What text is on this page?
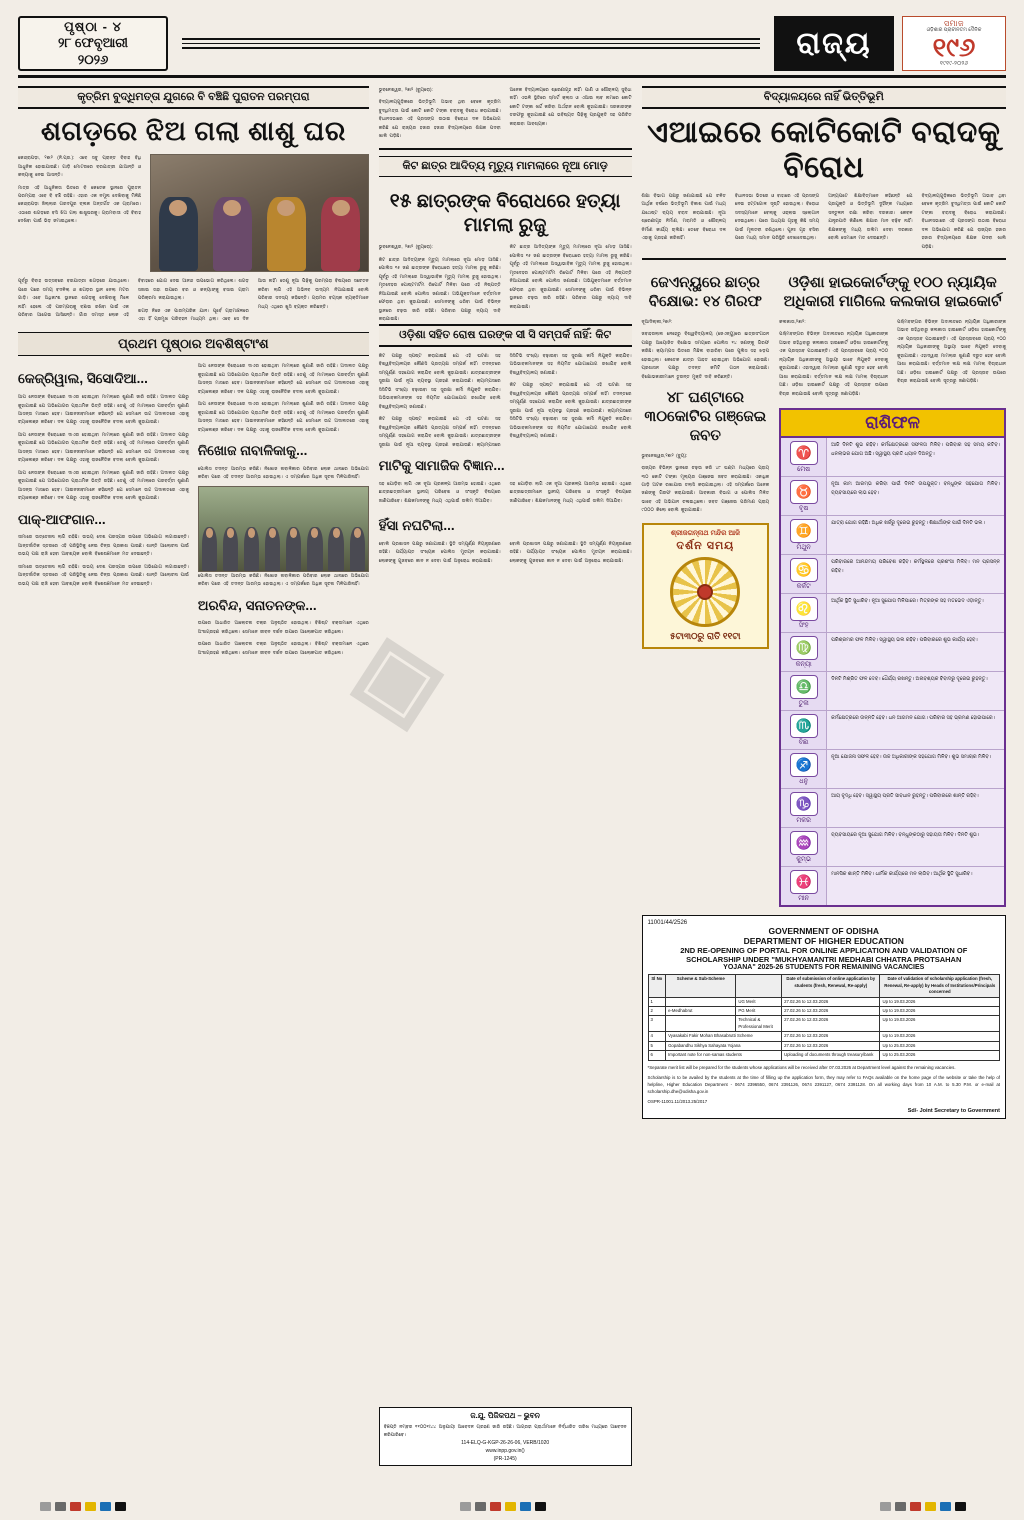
ପୃଷ୍ଠା - ୪
୨୮ ଫେବୃଆରୀ
୨୦୨୬	ରାଜ୍ୟ
ସମାଜ
ଓଡ଼ିଶାର ପ୍ରାଚୀନତମ ଦୈନିକ
୧୯୬
୧୯୧୯-୨୦୨୬
କୃତ୍ରିମ ବୁଦ୍ଧିମତ୍ତା ଯୁଗରେ ବି ବଞ୍ଚିଛି ପୁରାତନ ପରମ୍ପରା
ଶଗଡ଼ରେ ଝିଅ ଗଲା ଶାଶୁ ଘର

କେନ୍ଦ୍ରାପଡ଼ା, ୨୭ା୨ (ନି.ପ୍ର.): ଏବେ ସବୁ ପ୍ରାନ୍ତ ବିବାହ ବିଧି ଆଧୁନିକ ହୋଇଯାଇଛି। ଗାଡ଼ି ମୋଟରରେ ବରଯାତ୍ରୀ ଯାଆନ୍ତି ଓ କନ୍ୟାକୁ ନେଇ ଆସନ୍ତି।

ମାତ୍ର ଏହି ଆଧୁନିକତା ଭିତରେ ବି କେତେକ ସ୍ଥାନରେ ପୁରାତନ ପରମ୍ପରା ଏବେ ବି ବଞ୍ଚି ରହିଛି। ଏହାର ଏକ ନମୁନା ଦେଖିବାକୁ ମିଳିଛି କେନ୍ଦ୍ରାପଡ଼ା ଜିଲ୍ଲାର ଗରଦପୁର ବ୍ଲକ ଅନ୍ତର୍ଗତ ଏକ ଗ୍ରାମରେ। ଏଠାରେ ଶଗଡ଼ରେ ବସି ଝିଅ ଗଲା ଶାଶୁଘରକୁ। ଗ୍ରାମବାସୀ ଏହି ବିବାହ ଦେଖିବା ପାଇଁ ଭିଡ଼ ଜମାଇଥିଲେ।

ପୂର୍ବରୁ ବିବାହ ଉତ୍ସବରେ ବରଯାତ୍ରୀ ଶଗଡ଼ରେ ଯାଉଥିଲେ। ପରେ ପରେ ସମୟ ବଦଳିଲା ଓ ଶଗଡ଼ର ସ୍ଥାନ ନେଲା ମଟର ଗାଡ଼ି। ଏବେ ଅଧିକାଂଶ ସ୍ଥାନରେ ଶଗଡ଼କୁ ଦେଖିବାକୁ ମିଳେ ନାହିଁ। ହେଲେ ଏହି ପରମ୍ପରାକୁ ବଞ୍ଚାଇ ରଖିବା ପାଇଁ ଏକ ପରିବାର ଆଗେଇ ଆସିଛନ୍ତି। ଗାଁର ସମସ୍ତ ଲୋକ ଏହି ବିବାହରେ ଯୋଗ ଦେଇ ଆନନ୍ଦ ଉପଭୋଗ କରିଥିଲେ। ଶଗଡ଼ ସଜାଇ ତାହା ଉପରେ ବର ଓ କନ୍ୟାଙ୍କୁ ବସାଇ ଗ୍ରାମ ପରିକ୍ରମା କରାଯାଇଥିଲା।

ଶଗଡ଼ ନିଜେ ଏକ ପାରମ୍ପରିକ ଯାନ। ପୂର୍ବେ ଗ୍ରାମାଞ୍ଚଳରେ ଏହା ହିଁ ପ୍ରମୁଖ ପରିବହନ ମାଧ୍ୟମ ଥିଲା। ଏବେ ସେ ଦିନ ଆଉ ନାହିଁ। ତେଣୁ ନୂଆ ପିଢ଼ିକୁ ପରମ୍ପରା ବିଷୟରେ ସଚେତନ କରିବା ଲାଗି ଏହି ଅଭିନବ ଉଦ୍ୟମ ନିଆଯାଇଛି ବୋଲି ପରିବାର ସଦସ୍ୟ କହିଛନ୍ତି। ଗ୍ରାମର ବୟସ୍କ ବ୍ୟକ୍ତିମାନେ ମଧ୍ୟ ଏଥିରେ ଖୁସି ବ୍ୟକ୍ତ କରିଛନ୍ତି।

ପ୍ରଥମ ପୃଷ୍ଠାର ଅବଶିଷ୍ଟାଂଶ
କେଜ୍ରିୱାଲ, ସିସୋଦିଆ...

ଆପ ନେତାଙ୍କ ବିରୋଧରେ ଦାଏର ହୋଇଥିବା ମାମଲାରେ ଶୁଣାଣି ଜାରି ରହିଛି। ଅଦାଲତ ପକ୍ଷରୁ କୁହାଯାଇଛି ଯେ ଅଭିଯୋଗର ପ୍ରାଥମିକ ଭିତ୍ତି ରହିଛି। ତେଣୁ ଏହି ମାମଲାରେ ପରବର୍ତ୍ତୀ ଶୁଣାଣି ଆସନ୍ତା ମାସରେ ହେବ। ଆଇନଜୀବୀମାନେ କହିଛନ୍ତି ଯେ ସେମାନେ ଉଚ୍ଚ ଅଦାଲତରେ ଏହାକୁ ଚ୍ୟାଲେଞ୍ଜ କରିବେ। ଦଳ ପକ୍ଷରୁ ଏହାକୁ ରାଜନୈତିକ ବଦଲା ବୋଲି କୁହାଯାଇଛି।

ଆପ ନେତାଙ୍କ ବିରୋଧରେ ଦାଏର ହୋଇଥିବା ମାମଲାରେ ଶୁଣାଣି ଜାରି ରହିଛି। ଅଦାଲତ ପକ୍ଷରୁ କୁହାଯାଇଛି ଯେ ଅଭିଯୋଗର ପ୍ରାଥମିକ ଭିତ୍ତି ରହିଛି। ତେଣୁ ଏହି ମାମଲାରେ ପରବର୍ତ୍ତୀ ଶୁଣାଣି ଆସନ୍ତା ମାସରେ ହେବ। ଆଇନଜୀବୀମାନେ କହିଛନ୍ତି ଯେ ସେମାନେ ଉଚ୍ଚ ଅଦାଲତରେ ଏହାକୁ ଚ୍ୟାଲେଞ୍ଜ କରିବେ। ଦଳ ପକ୍ଷରୁ ଏହାକୁ ରାଜନୈତିକ ବଦଲା ବୋଲି କୁହାଯାଇଛି।

ଆପ ନେତାଙ୍କ ବିରୋଧରେ ଦାଏର ହୋଇଥିବା ମାମଲାରେ ଶୁଣାଣି ଜାରି ରହିଛି। ଅଦାଲତ ପକ୍ଷରୁ କୁହାଯାଇଛି ଯେ ଅଭିଯୋଗର ପ୍ରାଥମିକ ଭିତ୍ତି ରହିଛି। ତେଣୁ ଏହି ମାମଲାରେ ପରବର୍ତ୍ତୀ ଶୁଣାଣି ଆସନ୍ତା ମାସରେ ହେବ। ଆଇନଜୀବୀମାନେ କହିଛନ୍ତି ଯେ ସେମାନେ ଉଚ୍ଚ ଅଦାଲତରେ ଏହାକୁ ଚ୍ୟାଲେଞ୍ଜ କରିବେ। ଦଳ ପକ୍ଷରୁ ଏହାକୁ ରାଜନୈତିକ ବଦଲା ବୋଲି କୁହାଯାଇଛି।

ପାକ୍‌-ଆଫଗାନ...

ସୀମାରେ ଉତ୍ତେଜନା ଲାଗି ରହିଛି। ଉଭୟ ଦେଶ ପରସ୍ପର ଉପରେ ଅଭିଯୋଗ ଲଗାଉଛନ୍ତି। ଆନ୍ତର୍ଜାତିକ ସ୍ତରରେ ଏହି ପରିସ୍ଥିତିକୁ ନେଇ ଚିନ୍ତା ପ୍ରକାଶ ପାଇଛି। ଶାନ୍ତି ଆଲୋଚନା ପାଇଁ ଉଭୟ ପକ୍ଷ ରାଜି ହେବା ଆବଶ୍ୟକ ବୋଲି ବିଶେଷଜ୍ଞମାନେ ମତ ଦେଇଛନ୍ତି।

ସୀମାରେ ଉତ୍ତେଜନା ଲାଗି ରହିଛି। ଉଭୟ ଦେଶ ପରସ୍ପର ଉପରେ ଅଭିଯୋଗ ଲଗାଉଛନ୍ତି। ଆନ୍ତର୍ଜାତିକ ସ୍ତରରେ ଏହି ପରିସ୍ଥିତିକୁ ନେଇ ଚିନ୍ତା ପ୍ରକାଶ ପାଇଛି। ଶାନ୍ତି ଆଲୋଚନା ପାଇଁ ଉଭୟ ପକ୍ଷ ରାଜି ହେବା ଆବଶ୍ୟକ ବୋଲି ବିଶେଷଜ୍ଞମାନେ ମତ ଦେଇଛନ୍ତି।

ଆପ ନେତାଙ୍କ ବିରୋଧରେ ଦାଏର ହୋଇଥିବା ମାମଲାରେ ଶୁଣାଣି ଜାରି ରହିଛି। ଅଦାଲତ ପକ୍ଷରୁ କୁହାଯାଇଛି ଯେ ଅଭିଯୋଗର ପ୍ରାଥମିକ ଭିତ୍ତି ରହିଛି। ତେଣୁ ଏହି ମାମଲାରେ ପରବର୍ତ୍ତୀ ଶୁଣାଣି ଆସନ୍ତା ମାସରେ ହେବ। ଆଇନଜୀବୀମାନେ କହିଛନ୍ତି ଯେ ସେମାନେ ଉଚ୍ଚ ଅଦାଲତରେ ଏହାକୁ ଚ୍ୟାଲେଞ୍ଜ କରିବେ। ଦଳ ପକ୍ଷରୁ ଏହାକୁ ରାଜନୈତିକ ବଦଲା ବୋଲି କୁହାଯାଇଛି।

ଆପ ନେତାଙ୍କ ବିରୋଧରେ ଦାଏର ହୋଇଥିବା ମାମଲାରେ ଶୁଣାଣି ଜାରି ରହିଛି। ଅଦାଲତ ପକ୍ଷରୁ କୁହାଯାଇଛି ଯେ ଅଭିଯୋଗର ପ୍ରାଥମିକ ଭିତ୍ତି ରହିଛି। ତେଣୁ ଏହି ମାମଲାରେ ପରବର୍ତ୍ତୀ ଶୁଣାଣି ଆସନ୍ତା ମାସରେ ହେବ। ଆଇନଜୀବୀମାନେ କହିଛନ୍ତି ଯେ ସେମାନେ ଉଚ୍ଚ ଅଦାଲତରେ ଏହାକୁ ଚ୍ୟାଲେଞ୍ଜ କରିବେ। ଦଳ ପକ୍ଷରୁ ଏହାକୁ ରାଜନୈତିକ ବଦଲା ବୋଲି କୁହାଯାଇଛି।

ନିଖୋଜ ନାବାଳିକାକୁ...

ପୋଲିସ ତଦନ୍ତ ଆରମ୍ଭ କରିଛି। ନିଖୋଜ ନାବାଳିକାର ପରିବାର ଲୋକ ଥାନାରେ ଅଭିଯୋଗ କରିବା ପରେ ଏହି ତଦନ୍ତ ଆରମ୍ଭ ହୋଇଥିଲା। ଏ ସମ୍ପର୍କରେ ଅଧିକ ସୂଚନା ମିଳିପାରିନାହିଁ।

ପୋଲିସ ତଦନ୍ତ ଆରମ୍ଭ କରିଛି। ନିଖୋଜ ନାବାଳିକାର ପରିବାର ଲୋକ ଥାନାରେ ଅଭିଯୋଗ କରିବା ପରେ ଏହି ତଦନ୍ତ ଆରମ୍ଭ ହୋଇଥିଲା। ଏ ସମ୍ପର୍କରେ ଅଧିକ ସୂଚନା ମିଳିପାରିନାହିଁ।

ଅରବିନ୍ଦ, ସନାତନଙ୍କ...

ଉପରେ ଆଧାରିତ ଆଲୋଚନା ଚକ୍ର ଅନୁଷ୍ଠିତ ହୋଇଥିଲା। ବିଶିଷ୍ଟ ବକ୍ତାମାନେ ଏଥିରେ ଅଂଶଗ୍ରହଣ କରିଥିଲେ। ସେମାନେ ଜୀବନ ଦର୍ଶନ ଉପରେ ଆଲୋକପାତ କରିଥିଲେ।

ଉପରେ ଆଧାରିତ ଆଲୋଚନା ଚକ୍ର ଅନୁଷ୍ଠିତ ହୋଇଥିଲା। ବିଶିଷ୍ଟ ବକ୍ତାମାନେ ଏଥିରେ ଅଂଶଗ୍ରହଣ କରିଥିଲେ। ସେମାନେ ଜୀବନ ଦର୍ଶନ ଉପରେ ଆଲୋକପାତ କରିଥିଲେ।

ଭୁବନେଶ୍ୱର, ୨୭ା୨ (ବ୍ୟୁରୋ):

ବିଦ୍ୟାଳୟଗୁଡ଼ିକରେ ଭିତ୍ତିଭୂମି ଅଭାବ ଥିବା ବେଳେ କୃତ୍ରିମ ବୁଦ୍ଧିମତ୍ତା ପାଇଁ କୋଟି କୋଟି ଟଙ୍କା ବରାଦକୁ ବିରୋଧ କରାଯାଇଛି। ବିଧାନସଭାରେ ଏହି ପ୍ରସଙ୍ଗ ଉଠାଇ ବିରୋଧୀ ଦଳ ଅଭିଯୋଗ କରିଛି ଯେ ରାଜ୍ୟର ହଜାର ହଜାର ବିଦ୍ୟାଳୟରେ ଶିକ୍ଷକ ପଦବୀ ଖାଲି ପଡ଼ିଛି।

ଅନେକ ବିଦ୍ୟାଳୟରେ ଶ୍ରେଣୀଗୃହ ନାହିଁ। ପାଣି ଓ ଶୌଚାଳୟ ସୁବିଧା ନାହିଁ। ଏଭଳି ସ୍ଥିତିରେ ସ୍ମାର୍ଟ କ୍ଲାସ ଓ ଏଆଇ ଲାବ ନାମରେ କୋଟି କୋଟି ଟଙ୍କା ଖର୍ଚ୍ଚ କରିବା ଅର୍ଥହୀନ ବୋଲି କୁହାଯାଇଛି। ସରକାରଙ୍କ ତରଫରୁ କୁହାଯାଇଛି ଯେ ଭବିଷ୍ୟତ ପିଢ଼ିକୁ ପ୍ରଯୁକ୍ତି ସହ ପରିଚିତ କରାଇବା ଆବଶ୍ୟକ।

କିଟ ଛାତ୍ର ଆଦିତ୍ୟ ମୃତ୍ୟୁ ମାମଲାରେ ନୂଆ ମୋଡ଼
୧୫ ଛାତ୍ରଙ୍କ ବିରୋଧରେ ହତ୍ୟା ମାମଲା ରୁଜୁ

ଭୁବନେଶ୍ୱର, ୨୭ା୨ (ବ୍ୟୁରୋ):

କିଟ ଛାତ୍ର ଆଦିତ୍ୟଙ୍କ ମୃତ୍ୟୁ ମାମଲାରେ ନୂଆ ମୋଡ଼ ଆସିଛି। ପୋଲିସ ୧୫ ଜଣ ଛାତ୍ରଙ୍କ ବିରୋଧରେ ହତ୍ୟା ମାମଲା ରୁଜୁ କରିଛି। ପୂର୍ବରୁ ଏହି ମାମଲାରେ ଅସ୍ୱାଭାବିକ ମୃତ୍ୟୁ ମାମଲା ରୁଜୁ ହୋଇଥିଲା। ମୃତଦେହର ପୋଷ୍ଟମର୍ଟମ ରିପୋର୍ଟ ମିଳିବା ପରେ ଏହି ନିଷ୍ପତ୍ତି ନିଆଯାଇଛି ବୋଲି ପୋଲିସ ଜଣାଇଛି। ଅଭିଯୁକ୍ତମାନେ ବର୍ତ୍ତମାନ ଫେରାର ଥିବା କୁହାଯାଇଛି। ସେମାନଙ୍କୁ ଧରିବା ପାଇଁ ବିଭିନ୍ନ ସ୍ଥାନରେ ଚଢ଼ଉ ଜାରି ରହିଛି। ପରିବାର ପକ୍ଷରୁ ନ୍ୟାୟ ଦାବି କରାଯାଇଛି।

କିଟ ଛାତ୍ର ଆଦିତ୍ୟଙ୍କ ମୃତ୍ୟୁ ମାମଲାରେ ନୂଆ ମୋଡ଼ ଆସିଛି। ପୋଲିସ ୧୫ ଜଣ ଛାତ୍ରଙ୍କ ବିରୋଧରେ ହତ୍ୟା ମାମଲା ରୁଜୁ କରିଛି। ପୂର୍ବରୁ ଏହି ମାମଲାରେ ଅସ୍ୱାଭାବିକ ମୃତ୍ୟୁ ମାମଲା ରୁଜୁ ହୋଇଥିଲା। ମୃତଦେହର ପୋଷ୍ଟମର୍ଟମ ରିପୋର୍ଟ ମିଳିବା ପରେ ଏହି ନିଷ୍ପତ୍ତି ନିଆଯାଇଛି ବୋଲି ପୋଲିସ ଜଣାଇଛି। ଅଭିଯୁକ୍ତମାନେ ବର୍ତ୍ତମାନ ଫେରାର ଥିବା କୁହାଯାଇଛି। ସେମାନଙ୍କୁ ଧରିବା ପାଇଁ ବିଭିନ୍ନ ସ୍ଥାନରେ ଚଢ଼ଉ ଜାରି ରହିଛି। ପରିବାର ପକ୍ଷରୁ ନ୍ୟାୟ ଦାବି କରାଯାଇଛି।

ଓଡ଼ିଶା ସହିତ ରୋଷ ଘରଙ୍କ ସୀ ସି ସମ୍ପର୍କ ନାହିଁ: କିଟ

କିଟ ପକ୍ଷରୁ ସ୍ପଷ୍ଟ କରାଯାଇଛି ଯେ ଏହି ଘଟଣା ସହ ବିଶ୍ୱବିଦ୍ୟାଳୟର କୌଣସି ପ୍ରତ୍ୟକ୍ଷ ସମ୍ପର୍କ ନାହିଁ। ତଦନ୍ତରେ ସମ୍ପୂର୍ଣ୍ଣ ସହଯୋଗ କରାଯିବ ବୋଲି କୁହାଯାଇଛି। ଛାତ୍ରଛାତ୍ରୀଙ୍କ ସୁରକ୍ଷା ପାଇଁ ନୂଆ ବ୍ୟବସ୍ଥା ଗ୍ରହଣ କରାଯାଉଛି। କ୍ୟାମ୍ପସରେ ସିସିଟିଭି ସଂଖ୍ୟା ବଢ଼ାଇବା ସହ ସୁରକ୍ଷା କର୍ମୀ ନିଯୁକ୍ତି କରାଯିବ। ଅଭିଭାବକମାନଙ୍କ ସହ ନିୟମିତ ଯୋଗାଯୋଗ ରଖାଯିବ ବୋଲି ବିଶ୍ୱବିଦ୍ୟାଳୟ ଜଣାଇଛି।

କିଟ ପକ୍ଷରୁ ସ୍ପଷ୍ଟ କରାଯାଇଛି ଯେ ଏହି ଘଟଣା ସହ ବିଶ୍ୱବିଦ୍ୟାଳୟର କୌଣସି ପ୍ରତ୍ୟକ୍ଷ ସମ୍ପର୍କ ନାହିଁ। ତଦନ୍ତରେ ସମ୍ପୂର୍ଣ୍ଣ ସହଯୋଗ କରାଯିବ ବୋଲି କୁହାଯାଇଛି। ଛାତ୍ରଛାତ୍ରୀଙ୍କ ସୁରକ୍ଷା ପାଇଁ ନୂଆ ବ୍ୟବସ୍ଥା ଗ୍ରହଣ କରାଯାଉଛି। କ୍ୟାମ୍ପସରେ ସିସିଟିଭି ସଂଖ୍ୟା ବଢ଼ାଇବା ସହ ସୁରକ୍ଷା କର୍ମୀ ନିଯୁକ୍ତି କରାଯିବ। ଅଭିଭାବକମାନଙ୍କ ସହ ନିୟମିତ ଯୋଗାଯୋଗ ରଖାଯିବ ବୋଲି ବିଶ୍ୱବିଦ୍ୟାଳୟ ଜଣାଇଛି।

କିଟ ପକ୍ଷରୁ ସ୍ପଷ୍ଟ କରାଯାଇଛି ଯେ ଏହି ଘଟଣା ସହ ବିଶ୍ୱବିଦ୍ୟାଳୟର କୌଣସି ପ୍ରତ୍ୟକ୍ଷ ସମ୍ପର୍କ ନାହିଁ। ତଦନ୍ତରେ ସମ୍ପୂର୍ଣ୍ଣ ସହଯୋଗ କରାଯିବ ବୋଲି କୁହାଯାଇଛି। ଛାତ୍ରଛାତ୍ରୀଙ୍କ ସୁରକ୍ଷା ପାଇଁ ନୂଆ ବ୍ୟବସ୍ଥା ଗ୍ରହଣ କରାଯାଉଛି। କ୍ୟାମ୍ପସରେ ସିସିଟିଭି ସଂଖ୍ୟା ବଢ଼ାଇବା ସହ ସୁରକ୍ଷା କର୍ମୀ ନିଯୁକ୍ତି କରାଯିବ। ଅଭିଭାବକମାନଙ୍କ ସହ ନିୟମିତ ଯୋଗାଯୋଗ ରଖାଯିବ ବୋଲି ବିଶ୍ୱବିଦ୍ୟାଳୟ ଜଣାଇଛି।

ମାଟିକୁ ସାମାଜିକ ବିଜ୍ଞାନ...

ସହ ଯୋଡ଼ିବା ଲାଗି ଏକ ନୂଆ ପ୍ରକଳ୍ପ ଆରମ୍ଭ ହୋଇଛି। ଏଥିରେ ଛାତ୍ରଛାତ୍ରୀମାନେ ସ୍ଥାନୀୟ ପରିବେଶ ଓ ସଂସ୍କୃତି ବିଷୟରେ ଜାଣିପାରିବେ। ଶିକ୍ଷକମାନଙ୍କୁ ମଧ୍ୟ ଏଥିପାଇଁ ତାଲିମ ଦିଆଯିବ।

ସହ ଯୋଡ଼ିବା ଲାଗି ଏକ ନୂଆ ପ୍ରକଳ୍ପ ଆରମ୍ଭ ହୋଇଛି। ଏଥିରେ ଛାତ୍ରଛାତ୍ରୀମାନେ ସ୍ଥାନୀୟ ପରିବେଶ ଓ ସଂସ୍କୃତି ବିଷୟରେ ଜାଣିପାରିବେ। ଶିକ୍ଷକମାନଙ୍କୁ ମଧ୍ୟ ଏଥିପାଇଁ ତାଲିମ ଦିଆଯିବ।

ହିଁସା ନଘଟିଲା...

ବୋଲି ପ୍ରଶାସନ ପକ୍ଷରୁ ଜଣାଯାଇଛି। ସ୍ଥିତି ସମ୍ପୂର୍ଣ୍ଣ ନିୟନ୍ତ୍ରଣରେ ରହିଛି। ପର୍ଯ୍ୟାପ୍ତ ସଂଖ୍ୟକ ପୋଲିସ ମୁତୟନ କରାଯାଇଛି। ଲୋକଙ୍କୁ ଗୁଜବରେ କାନ ନ ଦେବା ପାଇଁ ଅନୁରୋଧ କରାଯାଇଛି।

ବୋଲି ପ୍ରଶାସନ ପକ୍ଷରୁ ଜଣାଯାଇଛି। ସ୍ଥିତି ସମ୍ପୂର୍ଣ୍ଣ ନିୟନ୍ତ୍ରଣରେ ରହିଛି। ପର୍ଯ୍ୟାପ୍ତ ସଂଖ୍ୟକ ପୋଲିସ ମୁତୟନ କରାଯାଇଛି। ଲୋକଙ୍କୁ ଗୁଜବରେ କାନ ନ ଦେବା ପାଇଁ ଅନୁରୋଧ କରାଯାଇଛି।

ଜ.ଯୁ. ପିଜିକପଥ – ଭୁବନ
ବିଜ୍ଞପ୍ତି ନମ୍ବର ୧୧୦୦୧/୪୪ ଅନୁଯାୟୀ ଆବେଦନ ଗ୍ରହଣ ଜାରି ରହିଛି। ଆଗ୍ରହୀ ପ୍ରାର୍ଥୀମାନେ ନିର୍ଦ୍ଧାରିତ ତାରିଖ ମଧ୍ୟରେ ଆବେଦନ କରିପାରିବେ।
114-ELQ-G-KGP-26-26-06, VERB/1020
www.inpp.gov.in()
(PR-1245)
ବିଦ୍ୟାଳୟରେ ନାହିଁ ଭିତ୍ତିଭୂମି
ଏଆଇରେ କୋଟିକୋଟି ବରାଦକୁ ବିରୋଧ

ଶିକ୍ଷା ବିଭାଗ ପକ୍ଷରୁ ଜଣାଯାଇଛି ଯେ ଚଳିତ ଆର୍ଥିକ ବର୍ଷରେ ଭିତ୍ତିଭୂମି ବିକାଶ ପାଇଁ ମଧ୍ୟ ଯଥେଷ୍ଟ ବ୍ୟୟ ବରାଦ କରାଯାଇଛି। ନୂଆ ଶ୍ରେଣୀଗୃହ ନିର୍ମାଣ, ମରାମତି ଓ ଶୌଚାଳୟ ନିର୍ମାଣ କାର୍ଯ୍ୟ ଚାଲିଛି। ତେବେ ବିରୋଧୀ ଦଳ ଏହାକୁ ଗ୍ରହଣ କରିନାହିଁ।

ବିଧାନସଭା ଭିତରେ ଓ ବାହାରେ ଏହି ପ୍ରସଙ୍ଗ ନେଇ ହଟ୍ଟଗୋଳ ସୃଷ୍ଟି ହୋଇଥିଲା। ବିରୋଧୀ ସଦସ୍ୟମାନେ ବେଲ୍‌କୁ ଓହ୍ଲାଇ ସ୍ଲୋଗାନ ଦେଇଥିଲେ। ପରେ ଅଧ୍ୟକ୍ଷ ଗୃହକୁ କିଛି ସମୟ ପାଇଁ ମୂଲତବୀ ରଖିଥିଲେ। ପୁନଃ ଗୃହ ବସିବା ପରେ ମଧ୍ୟ ସମାନ ପରିସ୍ଥିତି ଦେଖାଦେଇଥିଲା।

ଅନ୍ୟପଟେ ଶିକ୍ଷାବିତ୍‌ମାନେ କହିଛନ୍ତି ଯେ ପ୍ରଯୁକ୍ତି ଓ ଭିତ୍ତିଭୂମି ଦୁହିଁଙ୍କ ମଧ୍ୟରେ ସନ୍ତୁଳନ ରକ୍ଷା କରିବା ଦରକାର। କେବଳ ଯନ୍ତ୍ରପାତି କିଣିଲେ ଶିକ୍ଷାର ମାନ ବଢ଼ିବ ନାହିଁ। ଶିକ୍ଷକଙ୍କୁ ମଧ୍ୟ ତାଲିମ ଦେବା ଦରକାର ବୋଲି ସେମାନେ ମତ ଦେଇଛନ୍ତି।

ବିଦ୍ୟାଳୟଗୁଡ଼ିକରେ ଭିତ୍ତିଭୂମି ଅଭାବ ଥିବା ବେଳେ କୃତ୍ରିମ ବୁଦ୍ଧିମତ୍ତା ପାଇଁ କୋଟି କୋଟି ଟଙ୍କା ବରାଦକୁ ବିରୋଧ କରାଯାଇଛି। ବିଧାନସଭାରେ ଏହି ପ୍ରସଙ୍ଗ ଉଠାଇ ବିରୋଧୀ ଦଳ ଅଭିଯୋଗ କରିଛି ଯେ ରାଜ୍ୟର ହଜାର ହଜାର ବିଦ୍ୟାଳୟରେ ଶିକ୍ଷକ ପଦବୀ ଖାଲି ପଡ଼ିଛି।

ଜେଏନ୍‌ୟୁରେ ଛାତ୍ର ବିକ୍ଷୋଭ: ୧୪ ଗିରଫ

ନୂଆଦିଲ୍ଲୀ,୨୭ା୨:

ଜବାହରଲାଲ ନେହେରୁ ବିଶ୍ୱବିଦ୍ୟାଳୟ (ଜେଏନ୍‌ୟୁ)ରେ ଛାତ୍ରସଂଗଠନ ପକ୍ଷରୁ ଆୟୋଜିତ ବିକ୍ଷୋଭ ସମୟରେ ପୋଲିସ ୧୪ ଜଣଙ୍କୁ ଗିରଫ କରିଛି। କ୍ୟାମ୍ପସ ଭିତରେ ମିଛିଲ ବାହାରିବା ପରେ ପୁଲିସ ସହ ଝଡ଼ପ ହୋଇଥିଲା। କେତେକ ଛାତ୍ର ଆହତ ହୋଇଥିବା ଅଭିଯୋଗ ହୋଇଛି। ପ୍ରଶାସନ ପକ୍ଷରୁ ତଦନ୍ତ କମିଟି ଗଠନ କରାଯାଇଛି। ବିକ୍ଷୋଭକାରୀମାନେ ତୁରନ୍ତ ମୁକ୍ତି ଦାବି କରିଛନ୍ତି।

୪୮ ଘଣ୍ଟାରେ ୩୦କୋଟିର ଗଞ୍ଜେଇ ଜବତ

ଭୁବନେଶ୍ୱର,୨୭ା୨ (ବ୍ୟୁ):

ରାଜ୍ୟର ବିଭିନ୍ନ ସ୍ଥାନରେ ଚଢ଼ଉ କରି ୪୮ ଘଣ୍ଟା ମଧ୍ୟରେ ପ୍ରାୟ ୩୦ କୋଟି ଟଙ୍କା ମୂଲ୍ୟର ଗଞ୍ଜେଇ ଜବତ କରାଯାଇଛି। ଏକାଧିକ ଗାଡ଼ି ଅଟକ ରଖାଯାଇ ତଲାସି କରାଯାଇଥିଲା। ଏହି ସମ୍ପର୍କରେ ଅନେକ ଜଣଙ୍କୁ ଗିରଫ କରାଯାଇଛି। ଆବକାରୀ ବିଭାଗ ଓ ପୋଲିସ ମିଳିତ ଭାବେ ଏହି ଅଭିଯାନ ଚଳାଇଥିଲେ। ଜବତ ଗଞ୍ଜେଇ ପରିମାଣ ପ୍ରାୟ ୯୦୦୦ କିଲୋ ବୋଲି କୁହାଯାଇଛି।

ଶ୍ରୀଜଗନ୍ନାଥ ମନ୍ଦିର ଆଜି
ଦର୍ଶନ ସମୟ
୫ଟା୩୦ରୁ ରାତି ୧୧ଟା
ଓଡ଼ିଶା ହାଇକୋର୍ଟଙ୍କୁ ୧୦୦ ନ୍ୟାୟିକ ଅଧିକାରୀ ମାଗିଲେ କଲକାତା ହାଇକୋର୍ଟ

କଲକାତା,୨୭ା୨:

ପଶ୍ଚିମବଙ୍ଗର ବିଭିନ୍ନ ଅଦାଲତରେ ନ୍ୟାୟିକ ଅଧିକାରୀଙ୍କ ଅଭାବ ରହିଥିବାରୁ କଲକାତା ହାଇକୋର୍ଟ ଓଡ଼ିଶା ହାଇକୋର୍ଟଙ୍କୁ ଏକ ପ୍ରସ୍ତାବ ପଠାଇଛନ୍ତି। ଏହି ପ୍ରସ୍ତାବରେ ପ୍ରାୟ ୧୦୦ ନ୍ୟାୟିକ ଅଧିକାରୀଙ୍କୁ ଅସ୍ଥାୟୀ ଭାବେ ନିଯୁକ୍ତି ଦେବାକୁ କୁହାଯାଇଛି। ଏହାଦ୍ୱାରା ମାମଲାର ଶୁଣାଣି ଦ୍ରୁତ ହେବ ବୋଲି ଆଶା କରାଯାଉଛି। ବର୍ତ୍ତମାନ ଲକ୍ଷ ଲକ୍ଷ ମାମଲା ବିଚାରାଧୀନ ଅଛି। ଓଡ଼ିଶା ହାଇକୋର୍ଟ ପକ୍ଷରୁ ଏହି ପ୍ରସ୍ତାବ ଉପରେ ବିଚାର କରାଯାଉଛି ବୋଲି ସୂତ୍ରରୁ ଜଣାପଡ଼ିଛି।

ପଶ୍ଚିମବଙ୍ଗର ବିଭିନ୍ନ ଅଦାଲତରେ ନ୍ୟାୟିକ ଅଧିକାରୀଙ୍କ ଅଭାବ ରହିଥିବାରୁ କଲକାତା ହାଇକୋର୍ଟ ଓଡ଼ିଶା ହାଇକୋର୍ଟଙ୍କୁ ଏକ ପ୍ରସ୍ତାବ ପଠାଇଛନ୍ତି। ଏହି ପ୍ରସ୍ତାବରେ ପ୍ରାୟ ୧୦୦ ନ୍ୟାୟିକ ଅଧିକାରୀଙ୍କୁ ଅସ୍ଥାୟୀ ଭାବେ ନିଯୁକ୍ତି ଦେବାକୁ କୁହାଯାଇଛି। ଏହାଦ୍ୱାରା ମାମଲାର ଶୁଣାଣି ଦ୍ରୁତ ହେବ ବୋଲି ଆଶା କରାଯାଉଛି। ବର୍ତ୍ତମାନ ଲକ୍ଷ ଲକ୍ଷ ମାମଲା ବିଚାରାଧୀନ ଅଛି। ଓଡ଼ିଶା ହାଇକୋର୍ଟ ପକ୍ଷରୁ ଏହି ପ୍ରସ୍ତାବ ଉପରେ ବିଚାର କରାଯାଉଛି ବୋଲି ସୂତ୍ରରୁ ଜଣାପଡ଼ିଛି।

ରାଶିଫଳ
♈
ମେଷ
ଆଜି ଦିନଟି ଶୁଭ ରହିବ। କର୍ମକ୍ଷେତ୍ରରେ ସଫଳତା ମିଳିବ। ପରିବାର ସହ ସମୟ କଟିବ। ଧନଲାଭର ଯୋଗ ଅଛି। ସ୍ୱାସ୍ଥ୍ୟ ପ୍ରତି ଧ୍ୟାନ ଦିଅନ୍ତୁ।
♉
ବୃଷ
ନୂଆ କାମ ଆରମ୍ଭ କରିବା ପାଇଁ ଦିନଟି ଉପଯୁକ୍ତ। ବନ୍ଧୁଙ୍କ ସହଯୋଗ ମିଳିବ। ବ୍ୟବସାୟରେ ଲାଭ ହେବ।
♊
ମିଥୁନ
ଯାତ୍ରା ଯୋଗ ରହିଛି। ଅଧିକ ଖର୍ଚ୍ଚରୁ ଦୂରେଇ ରୁହନ୍ତୁ। ଶିକ୍ଷାର୍ଥୀଙ୍କ ପାଇଁ ଦିନଟି ଭଲ।
♋
କର୍କଟ
ପରିବାରରେ ଆନନ୍ଦମୟ ପରିବେଶ ରହିବ। କର୍ମସ୍ଥଳରେ ପ୍ରଶଂସା ମିଳିବ। ମନ ପ୍ରସନ୍ନ ରହିବ।
♌
ସିଂହ
ଆର୍ଥିକ ସ୍ଥିତି ସୁଧାରିବ। ନୂଆ ସୁଯୋଗ ମିଳିପାରେ। ମିତ୍ରଙ୍କ ସହ ମତଭେଦ ଏଡ଼ାନ୍ତୁ।
♍
କନ୍ୟା
ପରିଶ୍ରମର ଫଳ ମିଳିବ। ସ୍ୱାସ୍ଥ୍ୟ ଭଲ ରହିବ। ପରିବାରରେ ଶୁଭ କାର୍ଯ୍ୟ ହେବ।
♎
ତୁଳା
ଦିନଟି ମିଶ୍ରିତ ଫଳ ଦେବ। ଧୈର୍ଯ୍ୟ ରଖନ୍ତୁ। ଅନାବଶ୍ୟକ ବିବାଦରୁ ଦୂରେଇ ରୁହନ୍ତୁ।
♏
ବିଛା
କର୍ମକ୍ଷେତ୍ରରେ ଉନ୍ନତି ହେବ। ଧନ ଆଗମନ ଯୋଗ। ପରିବାର ସହ ଭ୍ରମଣ ହୋଇପାରେ।
♐
ଧନୁ
ନୂଆ ଯୋଜନା ସଫଳ ହେବ। ଉଚ୍ଚ ଅଧିକାରୀଙ୍କ ସହଯୋଗ ମିଳିବ। ଶୁଭ ସମାଚାର ମିଳିବ।
♑
ମକର
ଆୟ ବୃଦ୍ଧି ହେବ। ସ୍ୱାସ୍ଥ୍ୟ ପ୍ରତି ସାବଧାନ ରୁହନ୍ତୁ। ପରିବାରରେ ଶାନ୍ତି ରହିବ।
♒
କୁମ୍ଭ
ବ୍ୟବସାୟରେ ନୂଆ ସୁଯୋଗ ମିଳିବ। ବନ୍ଧୁଙ୍କଠାରୁ ସହାୟତା ମିଳିବ। ଦିନଟି ଶୁଭ।
♓
ମୀନ
ମାନସିକ ଶାନ୍ତି ମିଳିବ। ଧାର୍ମିକ କାର୍ଯ୍ୟରେ ମନ ଲାଗିବ। ଆର୍ଥିକ ସ୍ଥିତି ସୁଧାରିବ।
11001/44/2526
GOVERNMENT OF ODISHA
DEPARTMENT OF HIGHER EDUCATION
2ND RE-OPENING OF PORTAL FOR ONLINE APPLICATION AND VALIDATION OF
SCHOLARSHIP UNDER "MUKHYAMANTRI MEDHABI CHHATRA PROTSAHAN
YOJANA" 2025-26 STUDENTS FOR REMAINING VACANCIES
Sl No	Scheme & Sub-Scheme		Date of submission of online application by students (fresh, Renewal, Re-apply)	Date of validation of scholarship application (fresh, Renewal, Re-apply) by Heads of Institutions/Principals concerned
1		UG Merit	27.02.26 to 12.03.2026	Up to 19.03.2026
2	e-Medhabrut	PG Merit	27.02.26 to 12.03.2026	Up to 19.03.2026
3		Technical & Professional Merit	27.02.26 to 12.03.2026	Up to 19.03.2026
4	Vyasakabi Fakir Mohan Bhasabrutti Scheme		27.02.26 to 12.03.2026	Up to 19.03.2026
5	Gopabandhu Sikhya Sahayata Yojana		27.02.26 to 12.03.2026	Up to 25.03.2026
6	Important note for non-samas students		Uploading of documents through treasury/bank	Up to 25.03.2026
*Separate merit list will be prepared for the students whose applications will be received after 07.03.2026 at Department level against the remaining vacancies.
Scholarship is to be availed by the students at the time of filling up the application form, they may refer to FAQs available on the home page of the website or take the help of helpline, Higher Education Department - 0674 2396550, 0674 2391126, 0674 2391127, 0674 2391128. On all working days from 10 A.M. to 5.30 P.M. or e-mail at scholarship.dhe@odisha.gov.in
OSPR-11001.11/2013.25/2017
Sd/- Joint Secretary to Government
◈
